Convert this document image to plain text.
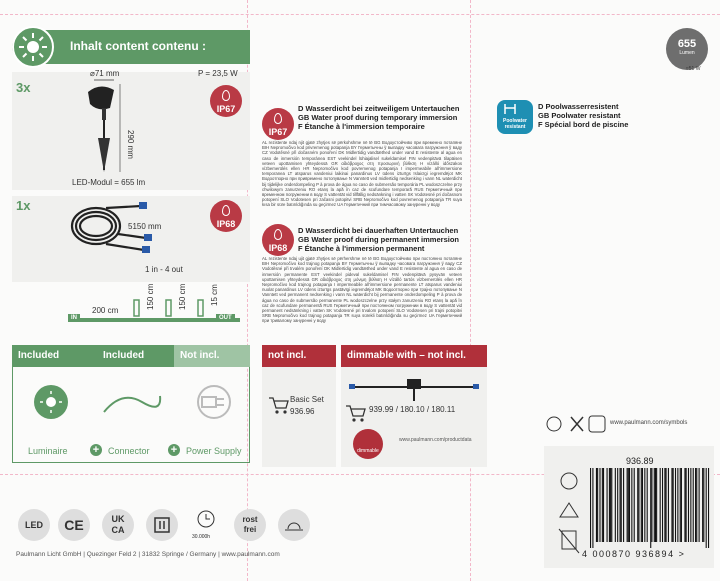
Inhalt content contenu :	655
Lumen
≈51 W
3x
⌀71 mm	P = 23,5 W
290 mm
LED-Modul = 655 lm
IP67
1x
5150 mm
1 in - 4 out
IP68
IN	OUT
200 cm
150 cm	150 cm	15 cm
Included	Included	Not incl.
+	+
Luminaire	Connector	Power Supply
IP67
D Wasserdicht bei zeitweiligem Untertauchen
GB Water proof during temporary immersion
F Étanche à l'immersion temporaire
AL rezistente ndaj njit gjatë zhytjes së përkohshme në të BG Водоустойчиво при временно потапяне BIH Nepromočivo kod privremenog potapanja BY Герметычны ў выпадку часовага пагружэння ў ваду CZ Vodotěsné při dočasném ponoření DK Midlertidig vandtæthed under vand E resistente al agua en caso de inmersión temporánea EST veekindel lühiajalisel sukeldamisel FIN vedenpitävä tilapäisen veteen upottamisen yhteydessä GR αδιάβροχος στη προσωρινή βύθιση H vízálló időszakos vízbemerülés ellen HR Nepromočivo kod povremenog potapanja I impermeabile all'immersione temporanea LT atsparus vandeniui laikinai panardinus LV ūdens izturīgs īslaicīgi iegremdējot MK Водоотпорно при привремено потопување N Vanntett ved midlertidig nedsenking i vann NL waterdicht bij tijdelijke onderdompeling P à prova de água no caso de submersão temporária PL wodoszczelne przy chwilowym zanurzeniu RO etanș la apă în caz de scufundare temporară RUS Герметичный при временном погружении в воду S vattentät vid tillfällig nedsänkning i vatten SK Vodotesné pri dočasnom potopení SLO Vodotesen pri začasni potopitvi SRB Nepromočivo kod povremenog potapanja TR suya kısa bir süre batırıldığında su geçirmez UA Герметичний при тимчасовому зануренні у воду
IP68
D Wasserdicht bei dauerhaften Untertauchen
GB Water proof during permanent immersion
F Étanche à l'immersion permanent
AL rezistente ndaj ujit gjatë zhytjes së përhershme në të BG Водоустойчиво при постоянно потапяне BIH Nepromočivo kod trajnog potapanja BY Герметычны ў выпадку часовага пагружэння ў ваду CZ Vodotěsné při trvalém ponoření DK Midlertidig vandtæthed under vand E resistente al agua en caso de inmersión permanente EST veekindel pideval sukeldamisel FIN vedenpitävä pysyvän veteen upottamisen yhteydessä GR αδιάβροχος στη μόνιμη βύθιση H vízálló tartós vízbemerülés ellen HR Nepromočivo kod trajnog potapanja I impermeabile all'immersione permanente LT atsparus vandeniui nuolat panardinus LV ūdens izturīgs pastāvīgi iegremdējot MK Водоотпорно при трајно потопување N Vanntett ved permanent nedsenking i vann NL waterdicht bij permanente onderdompeling P à prova de água no caso de submersão permanente PL wodoszczelne przy stałym zanurzeniu RO etanș la apă în caz de scufundare permanentă RUS Герметичный при постоянном погружении в воду S vattentät vid permanent nedsänkning i vatten SK Vodotesné pri trvalom potopení SLO Vodotesen pri trajni potopitvi SRB Nepromočivo kod trajnog potapanja TR suya sürekli batırıldığında su geçirmez UA Герметичний при тривалому зануренні у воду
Poolwater resistant
D Poolwasserresistent
GB Poolwater resistant
F Spécial bord de piscine
not incl.
Basic Set
936.96
dimmable with – not incl.
939.99 / 180.10 / 180.11
dimmable
www.paulmann.com/productdata
www.paulmann.com/symbols
936.89
4 000870 936894 >
LED	CE	UK
CA
30.000h
rost
frei
Paulmann Licht GmbH | Quezinger Feld 2 | 31832 Springe / Germany | www.paulmann.com
